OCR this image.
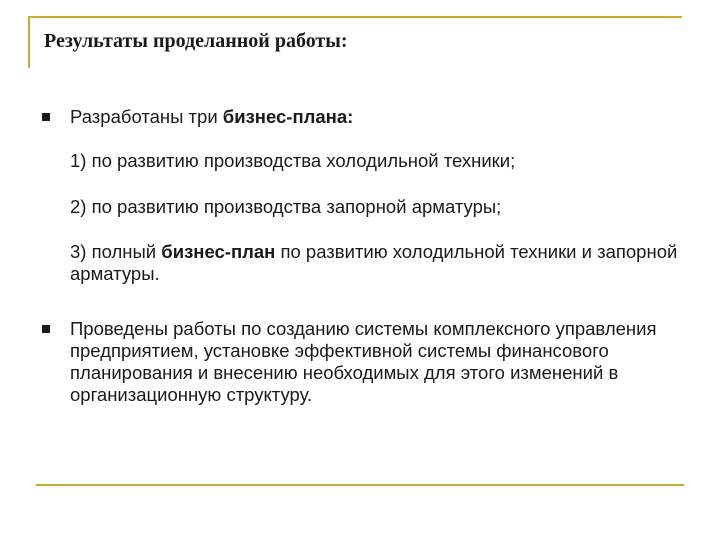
Результаты проделанной работы:

Разработаны три бизнес-плана:

1) по развитию производства холодильной техники;

2) по развитию производства запорной арматуры;

3) полный бизнес-план по развитию холодильной техники и запорной арматуры.

Проведены работы по созданию системы комплексного управления предприятием, установке эффективной системы финансового планирования и внесению необходимых для этого изменений в организационную структуру.
